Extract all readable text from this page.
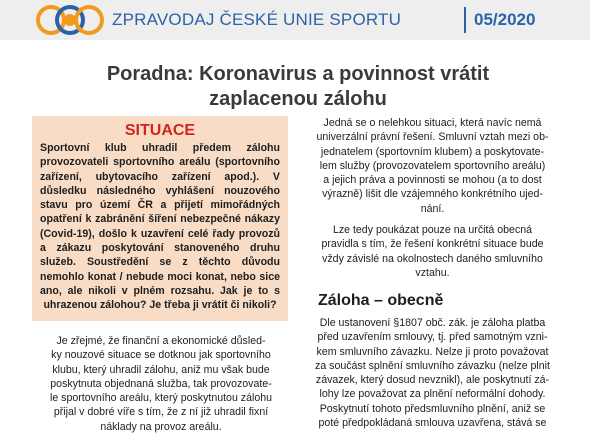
ZPRAVODAJ ČESKÉ UNIE SPORTU	05/2020
Poradna: Koronavirus a povinnost vrátit
zaplacenou zálohu
SITUACE

Sportovní klub uhradil předem zálohu provozovateli sportovního areálu (sportovního zařízení, ubytovacího zařízení apod.). V důsledku následného vyhlášení nouzového stavu pro území ČR a přijetí mimořádných opatření k zabránění šíření nebezpečné nákazy (Covid-19), došlo k uzavření celé řady provozů a zákazu poskytování stanoveného druhu služeb. Soustředění se z těchto důvodu nemohlo konat / nebude moci konat, nebo sice ano, ale nikoli v plném rozsahu. Jak je to s uhrazenou zálohou? Je třeba ji vrátit či nikoli?

Je zřejmé, že finanční a ekonomické důsled-
ky nouzové situace se dotknou jak sportovního
klubu, který uhradil zálohu, aniž mu však bude
poskytnuta objednaná služba, tak provozovate-
le sportovního areálu, který poskytnutou zálohu
přijal v dobré víře s tím, že z ní již uhradil fixní
náklady na provoz areálu.
Jedná se o nelehkou situaci, která navíc nemá
univerzální právní řešení. Smluvní vztah mezi ob-
jednatelem (sportovním klubem) a poskytovate-
lem služby (provozovatelem sportovního areálu)
a jejich práva a povinnosti se mohou (a to dost
výrazně) lišit dle vzájemného konkrétního ujed-
nání.
Lze tedy poukázat pouze na určitá obecná
pravidla s tím, že řešení konkrétní situace bude
vždy závislé na okolnostech daného smluvního
vztahu.
Záloha – obecně
Dle ustanovení §1807 obč. zák. je záloha platba
před uzavřením smlouvy, tj. před samotným vzni-
kem smluvního závazku. Nelze ji proto považovat
za součást splnění smluvního závazku (nelze plnit
závazek, který dosud nevznikl), ale poskytnutí zá-
lohy lze považovat za plnění neformální dohody.
Poskytnutí tohoto předsmluvního plnění, aniž se
poté předpokládaná smlouva uzavřena, stává se
